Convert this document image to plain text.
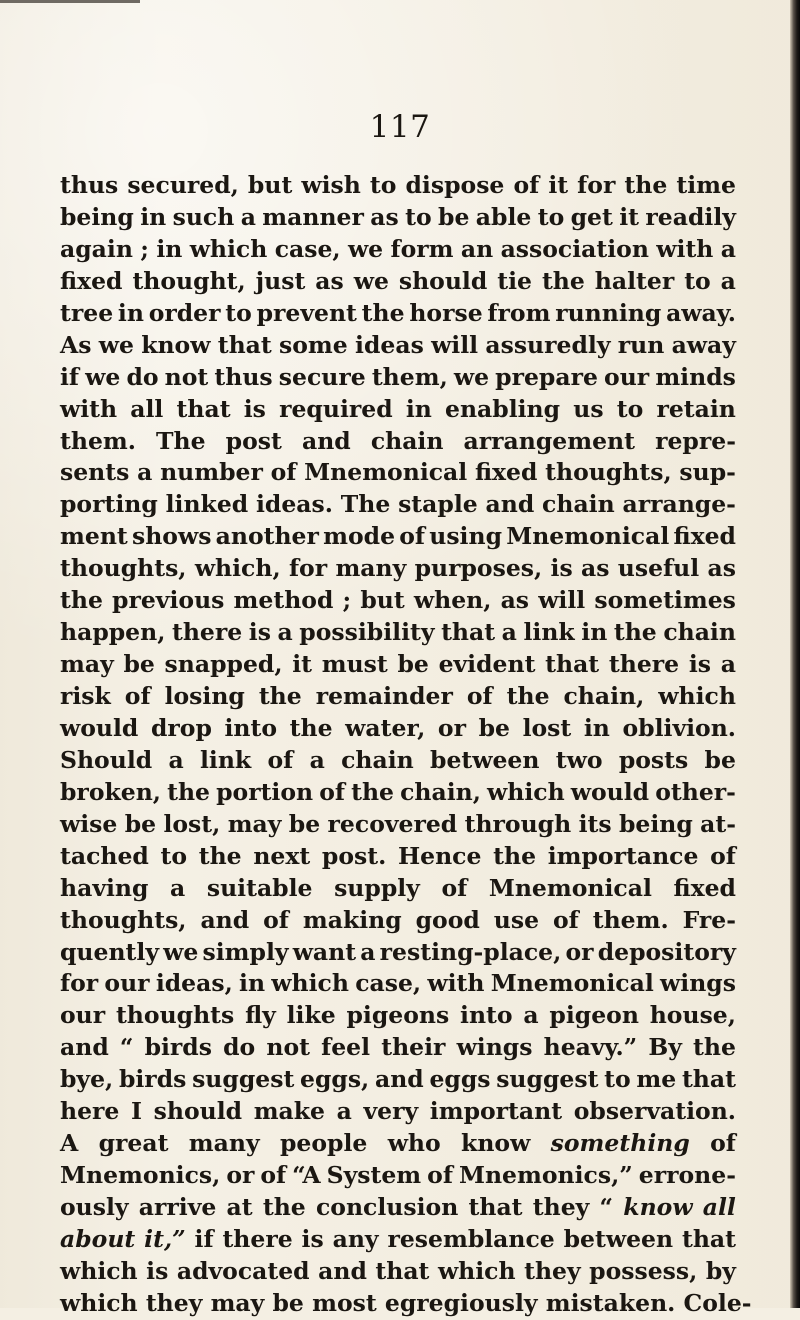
117
thus secured, but wish to dispose of it for the time
being in such a manner as to be able to get it readily
again ; in which case, we form an association with a
fixed thought, just as we should tie the halter to a
tree in order to prevent the horse from running away.
As we know that some ideas will assuredly run away
if we do not thus secure them, we prepare our minds
with all that is required in enabling us to retain
them. The post and chain arrangement repre-
sents a number of Mnemonical fixed thoughts, sup-
porting linked ideas. The staple and chain arrange-
ment shows another mode of using Mnemonical fixed
thoughts, which, for many purposes, is as useful as
the previous method ; but when, as will sometimes
happen, there is a possibility that a link in the chain
may be snapped, it must be evident that there is a
risk of losing the remainder of the chain, which
would drop into the water, or be lost in oblivion.
Should a link of a chain between two posts be
broken, the portion of the chain, which would other-
wise be lost, may be recovered through its being at-
tached to the next post. Hence the importance of
having a suitable supply of Mnemonical fixed
thoughts, and of making good use of them. Fre-
quently we simply want a resting-place, or depository
for our ideas, in which case, with Mnemonical wings
our thoughts fly like pigeons into a pigeon house,
and “ birds do not feel their wings heavy.” By the
bye, birds suggest eggs, and eggs suggest to me that
here I should make a very important observation.
A great many people who know something of
Mnemonics, or of “A System of Mnemonics,” errone-
ously arrive at the conclusion that they “ know all
about it,” if there is any resemblance between that
which is advocated and that which they possess, by
which they may be most egregiously mistaken. Cole-
